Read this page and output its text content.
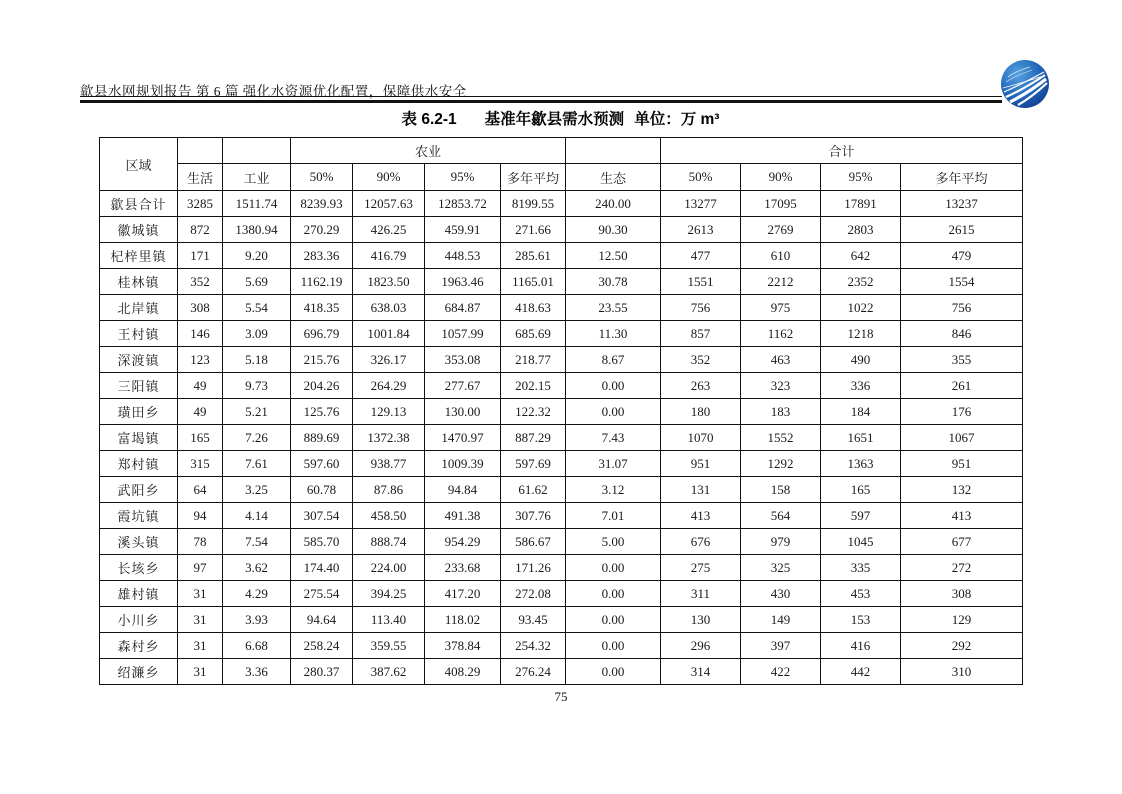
歙县水网规划报告 第 6 篇 强化水资源优化配置，保障供水安全
表 6.2-1 基准年歙县需水预测 单位：万 m³
区域			农业					合计			
	生活	工业	50%	90%	95%	多年平均	生态	50%	90%	95%	多年平均
歙县合计	3285	1511.74	8239.93	12057.63	12853.72	8199.55	240.00	13277	17095	17891	13237
徽城镇	872	1380.94	270.29	426.25	459.91	271.66	90.30	2613	2769	2803	2615
杞梓里镇	171	9.20	283.36	416.79	448.53	285.61	12.50	477	610	642	479
桂林镇	352	5.69	1162.19	1823.50	1963.46	1165.01	30.78	1551	2212	2352	1554
北岸镇	308	5.54	418.35	638.03	684.87	418.63	23.55	756	975	1022	756
王村镇	146	3.09	696.79	1001.84	1057.99	685.69	11.30	857	1162	1218	846
深渡镇	123	5.18	215.76	326.17	353.08	218.77	8.67	352	463	490	355
三阳镇	49	9.73	204.26	264.29	277.67	202.15	0.00	263	323	336	261
璜田乡	49	5.21	125.76	129.13	130.00	122.32	0.00	180	183	184	176
富堨镇	165	7.26	889.69	1372.38	1470.97	887.29	7.43	1070	1552	1651	1067
郑村镇	315	7.61	597.60	938.77	1009.39	597.69	31.07	951	1292	1363	951
武阳乡	64	3.25	60.78	87.86	94.84	61.62	3.12	131	158	165	132
霞坑镇	94	4.14	307.54	458.50	491.38	307.76	7.01	413	564	597	413
溪头镇	78	7.54	585.70	888.74	954.29	586.67	5.00	676	979	1045	677
长垓乡	97	3.62	174.40	224.00	233.68	171.26	0.00	275	325	335	272
雄村镇	31	4.29	275.54	394.25	417.20	272.08	0.00	311	430	453	308
小川乡	31	3.93	94.64	113.40	118.02	93.45	0.00	130	149	153	129
森村乡	31	6.68	258.24	359.55	378.84	254.32	0.00	296	397	416	292
绍濂乡	31	3.36	280.37	387.62	408.29	276.24	0.00	314	422	442	310
75
